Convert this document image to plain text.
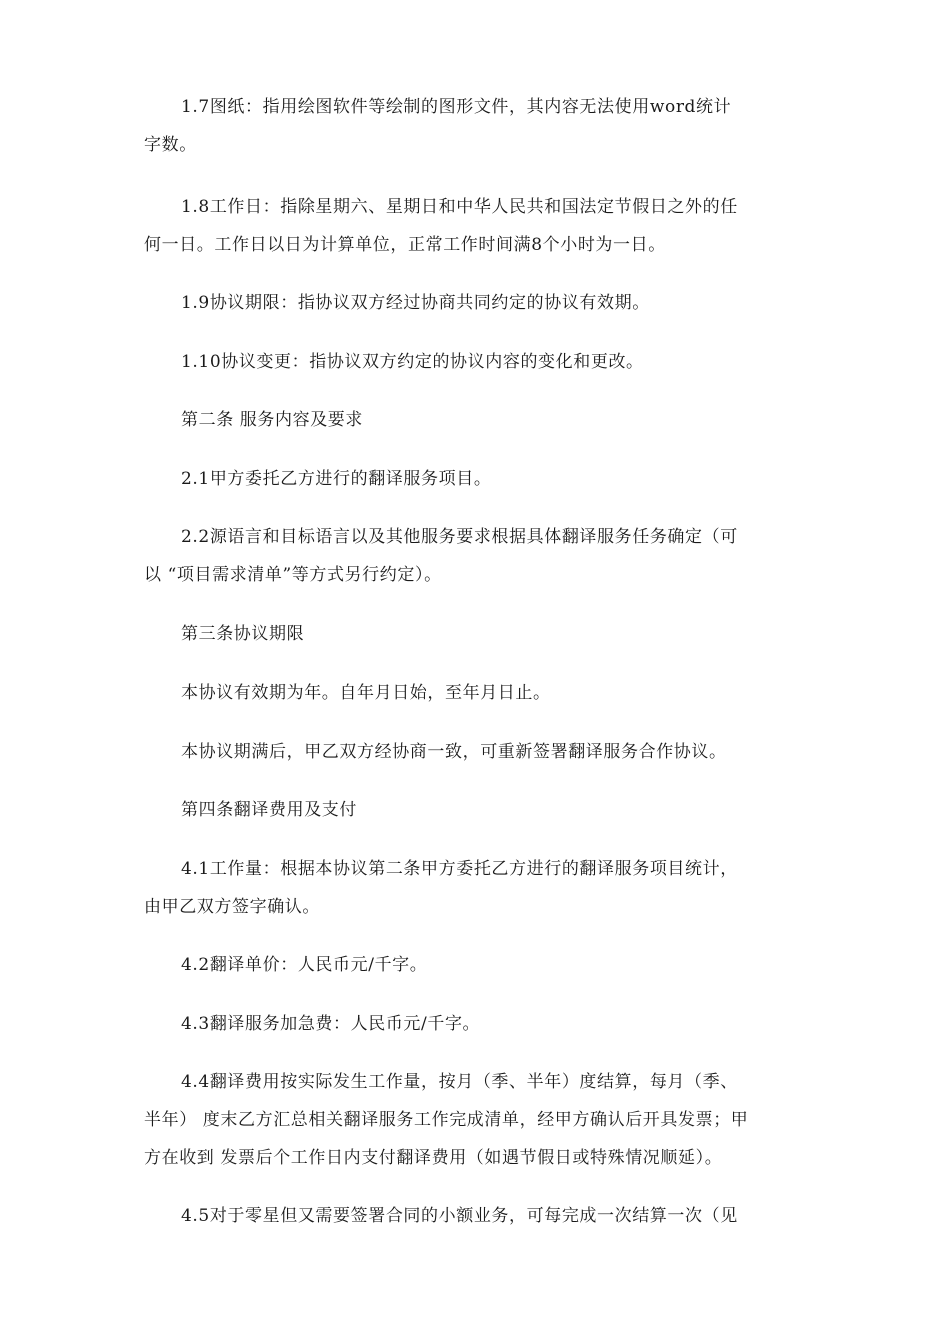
1.7图纸：指用绘图软件等绘制的图形文件，其内容无法使用word统计
字数。

1.8工作日：指除星期六、星期日和中华人民共和国法定节假日之外的任
何一日。工作日以日为计算单位，正常工作时间满8个小时为一日。

1.9协议期限：指协议双方经过协商共同约定的协议有效期。

1.10协议变更：指协议双方约定的协议内容的变化和更改。

第二条 服务内容及要求

2.1甲方委托乙方进行的翻译服务项目。

2.2源语言和目标语言以及其他服务要求根据具体翻译服务任务确定（可
以 “项目需求清单”等方式另行约定）。

第三条协议期限

本协议有效期为年。自年月日始，至年月日止。

本协议期满后，甲乙双方经协商一致，可重新签署翻译服务合作协议。

第四条翻译费用及支付

4.1工作量：根据本协议第二条甲方委托乙方进行的翻译服务项目统计，
由甲乙双方签字确认。

4.2翻译单价：人民币元/千字。

4.3翻译服务加急费：人民币元/千字。

4.4翻译费用按实际发生工作量，按月（季、半年）度结算，每月（季、
半年） 度末乙方汇总相关翻译服务工作完成清单，经甲方确认后开具发票；甲
方在收到 发票后个工作日内支付翻译费用（如遇节假日或特殊情况顺延）。

4.5对于零星但又需要签署合同的小额业务，可每完成一次结算一次（见
